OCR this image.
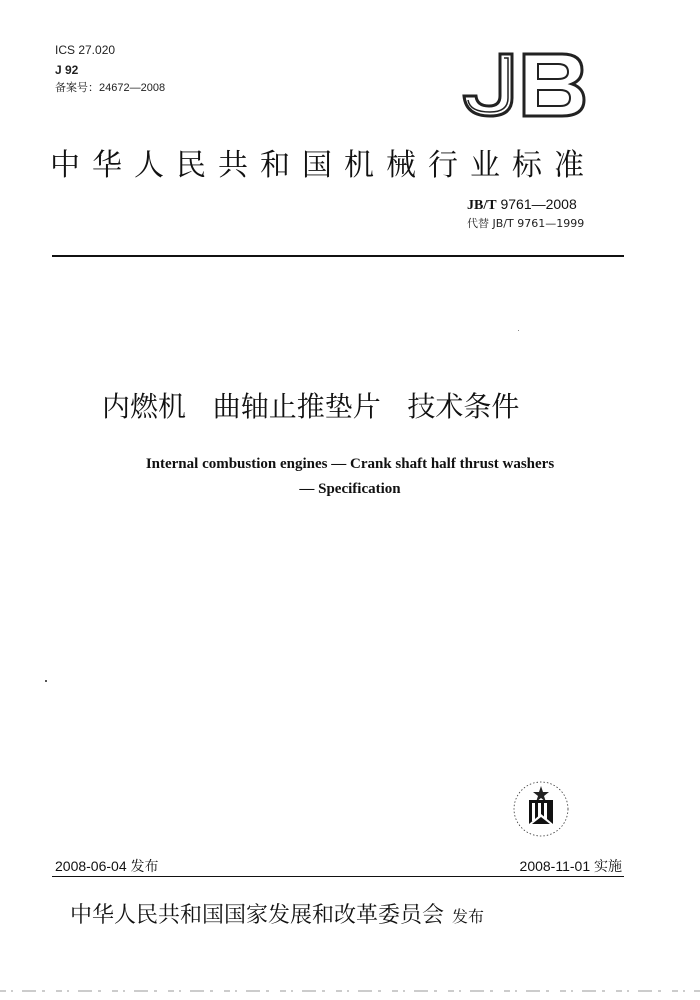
ICS 27.020
J 92
备案号：24672—2008
中华人民共和国机械行业标准
JB/T 9761—2008
代替 JB/T 9761—1999
内燃机   曲轴止推垫片   技术条件
Internal combustion engines — Crank shaft half thrust washers
— Specification
2008-06-04 发布	2008-11-01 实施
中华人民共和国国家发展和改革委员会 发布
